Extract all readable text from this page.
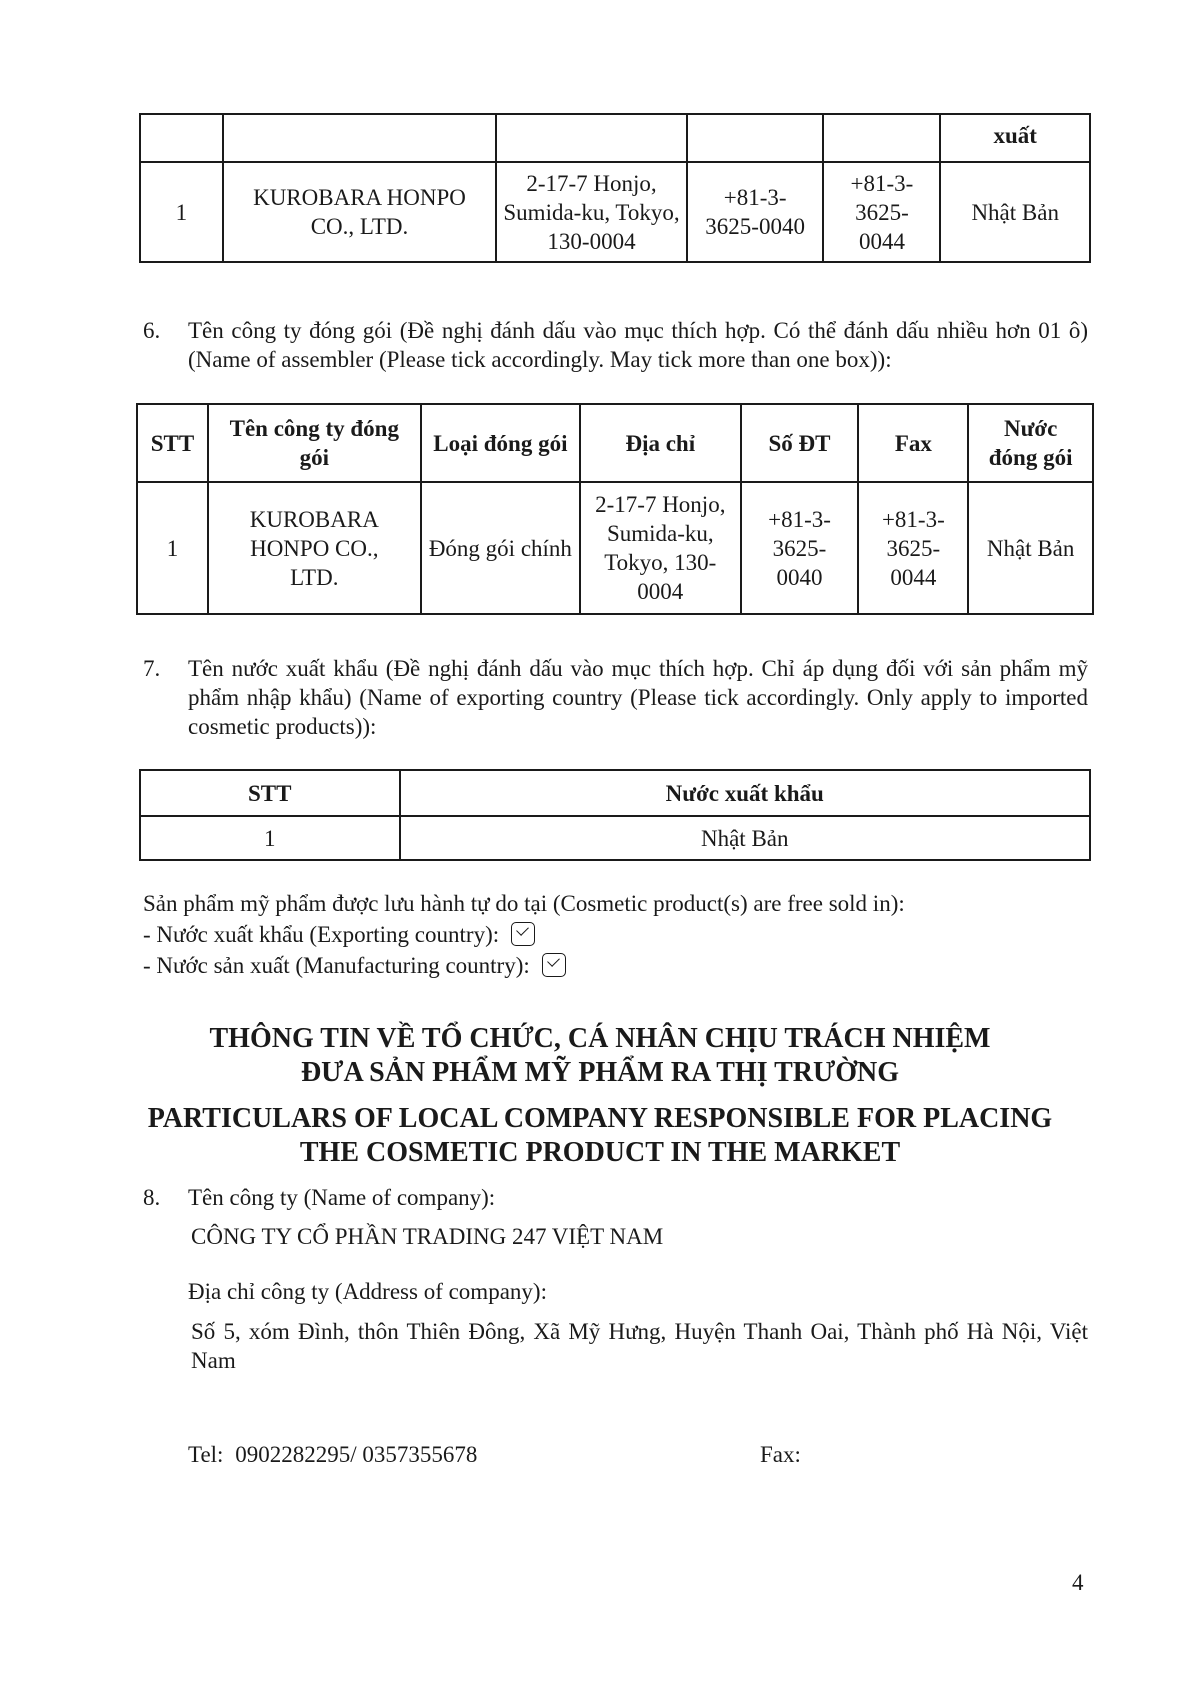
					xuất
1	KUROBARA HONPO CO., LTD.	2-17-7 Honjo, Sumida-ku, Tokyo, 130-0004	+81-3-3625-0040	+81-3-3625-0044	Nhật Bản
6. Tên công ty đóng gói (Đề nghị đánh dấu vào mục thích hợp. Có thể đánh dấu nhiều hơn 01 ô) (Name of assembler (Please tick accordingly. May tick more than one box)):
STT	Tên công ty đóng gói	Loại đóng gói	Địa chỉ	Số ĐT	Fax	Nước đóng gói
1	KUROBARA HONPO CO., LTD.	Đóng gói chính	2-17-7 Honjo, Sumida-ku, Tokyo, 130-0004	+81-3-3625-0040	+81-3-3625-0044	Nhật Bản
7. Tên nước xuất khẩu (Đề nghị đánh dấu vào mục thích hợp. Chỉ áp dụng đối với sản phẩm mỹ phẩm nhập khẩu) (Name of exporting country (Please tick accordingly. Only apply to imported cosmetic products)):
STT	Nước xuất khẩu
1	Nhật Bản
Sản phẩm mỹ phẩm được lưu hành tự do tại (Cosmetic product(s) are free sold in):
- Nước xuất khẩu (Exporting country):
- Nước sản xuất (Manufacturing country):
THÔNG TIN VỀ TỔ CHỨC, CÁ NHÂN CHỊU TRÁCH NHIỆM
ĐƯA SẢN PHẨM MỸ PHẨM RA THỊ TRƯỜNG
PARTICULARS OF LOCAL COMPANY RESPONSIBLE FOR PLACING
THE COSMETIC PRODUCT IN THE MARKET
8. Tên công ty (Name of company):
CÔNG TY CỔ PHẦN TRADING 247 VIỆT NAM
Địa chỉ công ty (Address of company):
Số 5, xóm Đình, thôn Thiên Đông, Xã Mỹ Hưng, Huyện Thanh Oai, Thành phố Hà Nội, Việt Nam
Tel: 0902282295/ 0357355678	Fax:
4
